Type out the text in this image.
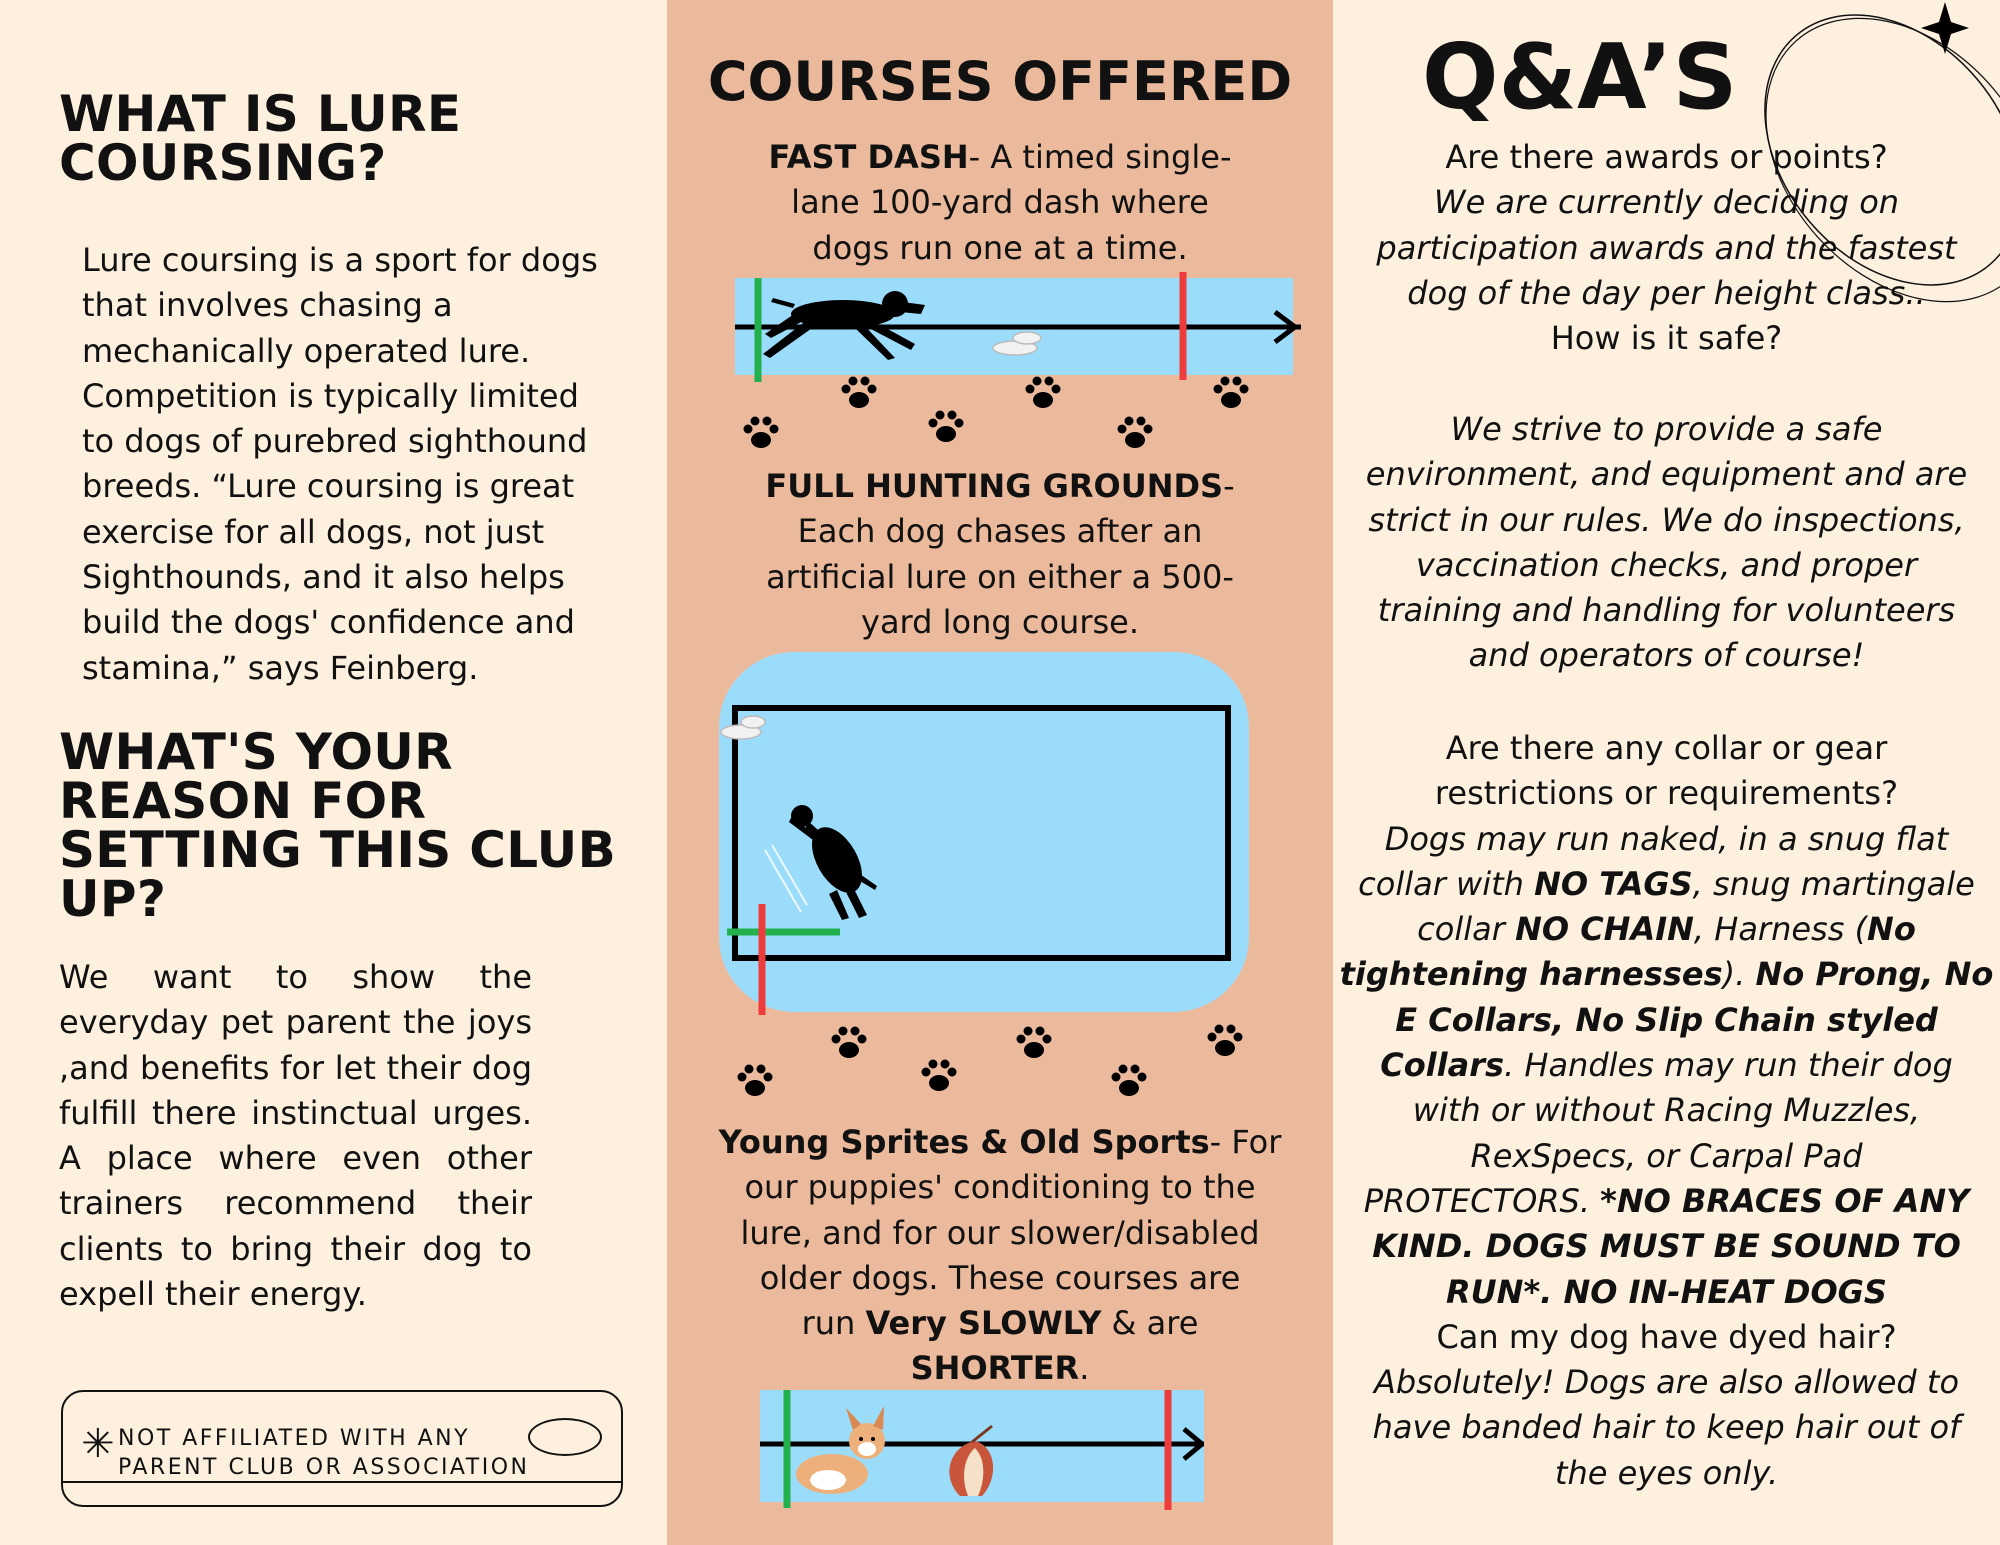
WHAT IS LURE
COURSING?
Lure coursing is a sport for dogs that involves chasing a mechanically operated lure. Competition is typically limited to dogs of purebred sighthound breeds. “Lure coursing is great exercise for all dogs, not just Sighthounds, and it also helps build the dogs' confidence and stamina,” says Feinberg.
WHAT'S YOUR
REASON FOR
SETTING THIS CLUB
UP?
We want to show the everyday pet parent the joys ,and benefits for let their dog fulfill there instinctual urges. A place where even other trainers recommend their clients to bring their dog to expell their energy.
✳ NOT AFFILIATED WITH ANY
PARENT CLUB OR ASSOCIATION
COURSES OFFERED
FAST DASH- A timed single-
lane 100-yard dash where
dogs run one at a time.
FULL HUNTING GROUNDS-
Each dog chases after an
artificial lure on either a 500-
yard long course.
Young Sprites & Old Sports- For
our puppies' conditioning to the
lure, and for our slower/disabled
older dogs. These courses are
run Very SLOWLY & are
SHORTER.
Q&A’S
Are there awards or points?
We are currently deciding on
participation awards and the fastest
dog of the day per height class..
How is it safe?
We strive to provide a safe
environment, and equipment and are
strict in our rules. We do inspections,
vaccination checks, and proper
training and handling for volunteers
and operators of course!
Are there any collar or gear
restrictions or requirements?
Dogs may run naked, in a snug flat
collar with NO TAGS, snug martingale
collar NO CHAIN, Harness (No
tightening harnesses). No Prong, No
E Collars, No Slip Chain styled
Collars. Handles may run their dog
with or without Racing Muzzles,
RexSpecs, or Carpal Pad
PROTECTORS. *NO BRACES OF ANY
KIND. DOGS MUST BE SOUND TO
RUN*. NO IN-HEAT DOGS
Can my dog have dyed hair?
Absolutely! Dogs are also allowed to
have banded hair to keep hair out of
the eyes only.
